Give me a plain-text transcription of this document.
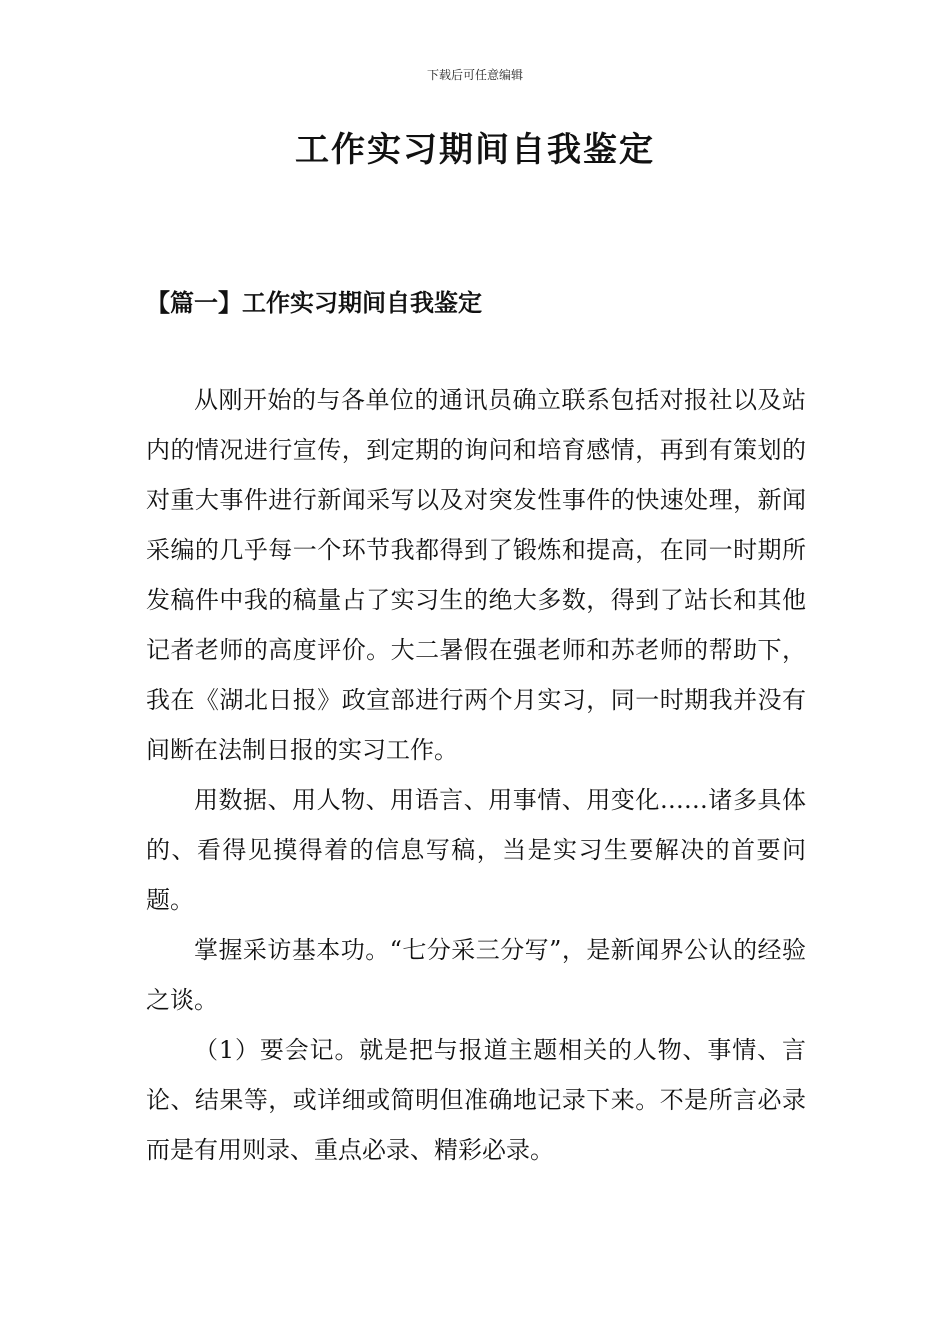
下载后可任意编辑
工作实习期间自我鉴定
【篇一】工作实习期间自我鉴定

从刚开始的与各单位的通讯员确立联系包括对报社以及站内的情况进行宣传，到定期的询问和培育感情，再到有策划的对重大事件进行新闻采写以及对突发性事件的快速处理，新闻采编的几乎每一个环节我都得到了锻炼和提高，在同一时期所发稿件中我的稿量占了实习生的绝大多数，得到了站长和其他记者老师的高度评价。大二暑假在强老师和苏老师的帮助下，我在《湖北日报》政宣部进行两个月实习，同一时期我并没有间断在法制日报的实习工作。

用数据、用人物、用语言、用事情、用变化……诸多具体的、看得见摸得着的信息写稿，当是实习生要解决的首要问题。

掌握采访基本功。“七分采三分写”，是新闻界公认的经验之谈。

（1）要会记。就是把与报道主题相关的人物、事情、言论、结果等，或详细或简明但准确地记录下来。不是所言必录而是有用则录、重点必录、精彩必录。
